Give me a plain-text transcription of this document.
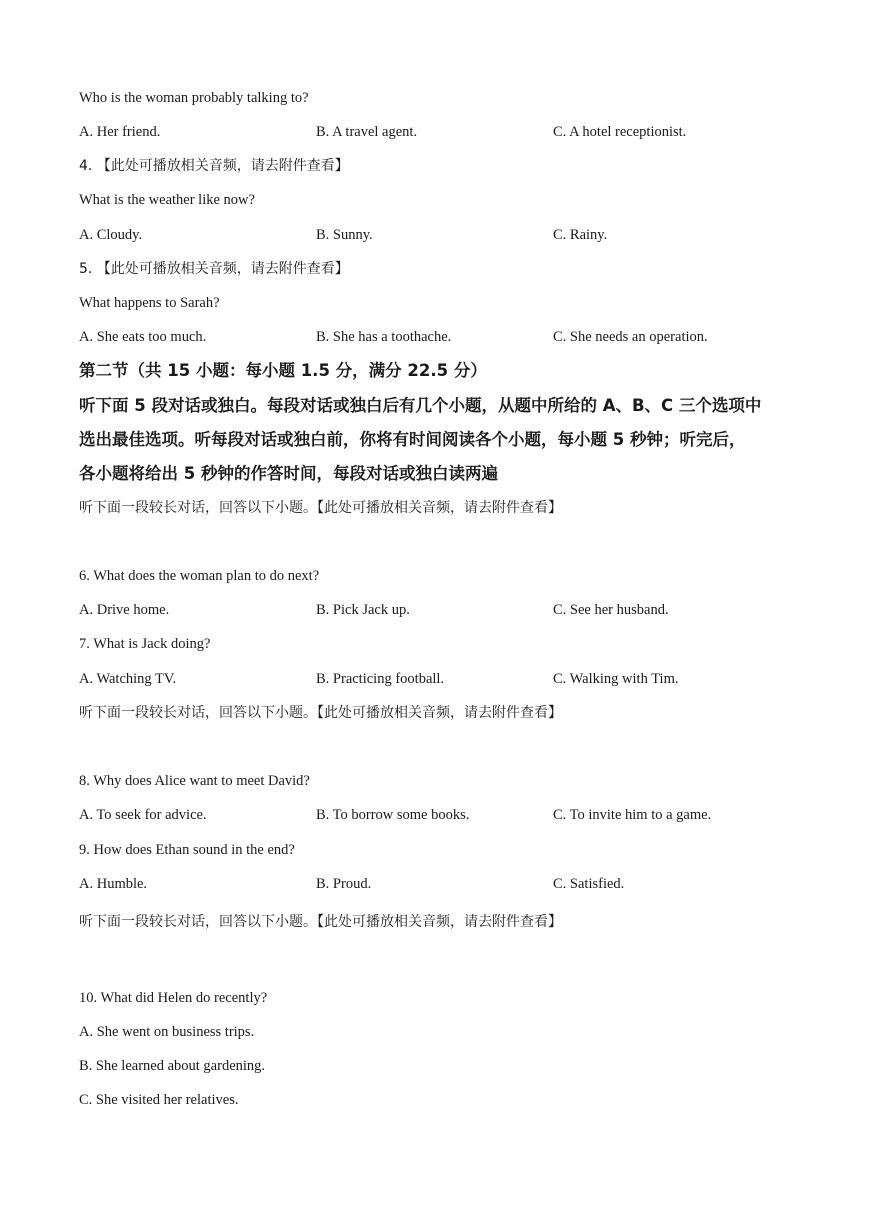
Who is the woman probably talking to?
A. Her friend.	B. A travel agent.	C. A hotel receptionist.
4. 【此处可播放相关音频，请去附件查看】
What is the weather like now?
A. Cloudy.	B. Sunny.	C. Rainy.
5. 【此处可播放相关音频，请去附件查看】
What happens to Sarah?
A. She eats too much.	B. She has a toothache.	C. She needs an operation.
第二节（共 15 小题：每小题 1.5 分，满分 22.5 分）
听下面 5 段对话或独白。每段对话或独白后有几个小题，从题中所给的 A、B、C 三个选项中
选出最佳选项。听每段对话或独白前，你将有时间阅读各个小题，每小题 5 秒钟；听完后，
各小题将给出 5 秒钟的作答时间，每段对话或独白读两遍
听下面一段较长对话，回答以下小题。【此处可播放相关音频，请去附件查看】
6. What does the woman plan to do next?
A. Drive home.	B. Pick Jack up.	C. See her husband.
7. What is Jack doing?
A. Watching TV.	B. Practicing football.	C. Walking with Tim.
听下面一段较长对话，回答以下小题。【此处可播放相关音频，请去附件查看】
8. Why does Alice want to meet David?
A. To seek for advice.	B. To borrow some books.	C. To invite him to a game.
9. How does Ethan sound in the end?
A. Humble.	B. Proud.	C. Satisfied.
听下面一段较长对话，回答以下小题。【此处可播放相关音频，请去附件查看】
10. What did Helen do recently?
A. She went on business trips.
B. She learned about gardening.
C. She visited her relatives.
